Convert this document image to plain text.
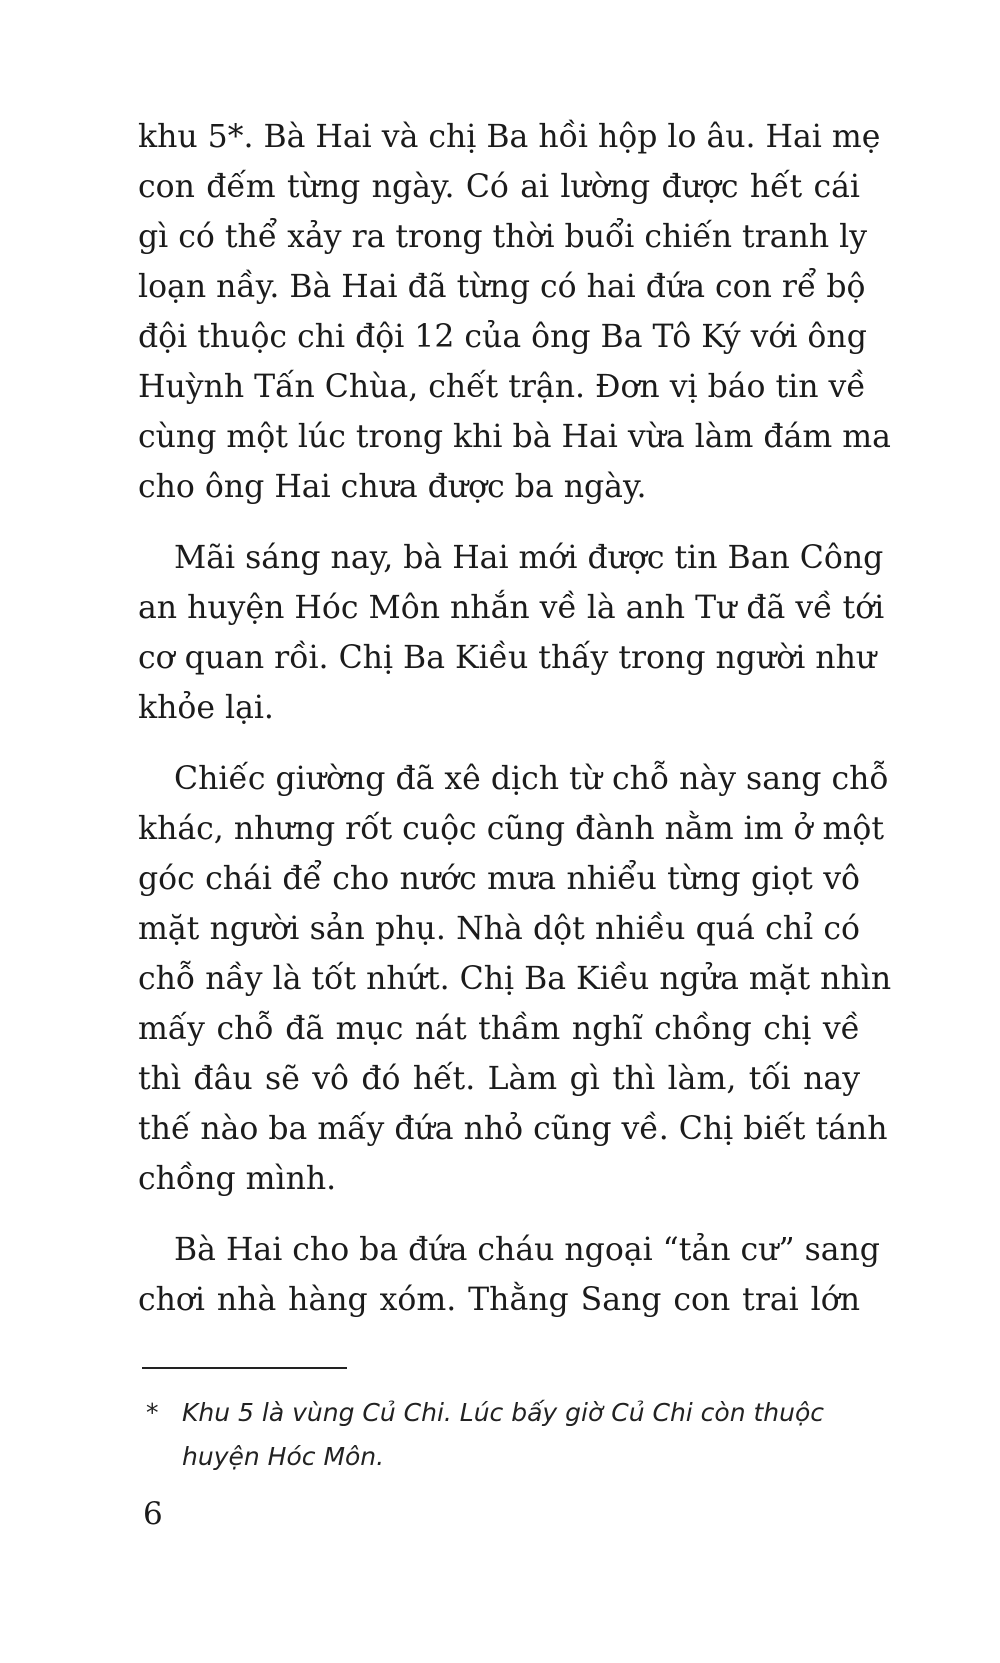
khu 5*. Bà Hai và chị Ba hồi hộp lo âu. Hai mẹ
con đếm từng ngày. Có ai lường được hết cái
gì có thể xảy ra trong thời buổi chiến tranh ly
loạn nầy. Bà Hai đã từng có hai đứa con rể bộ
đội thuộc chi đội 12 của ông Ba Tô Ký với ông
Huỳnh Tấn Chùa, chết trận. Đơn vị báo tin về
cùng một lúc trong khi bà Hai vừa làm đám ma
cho ông Hai chưa được ba ngày.

Mãi sáng nay, bà Hai mới được tin Ban Công
an huyện Hóc Môn nhắn về là anh Tư đã về tới
cơ quan rồi. Chị Ba Kiều thấy trong người như
khỏe lại.

Chiếc giường đã xê dịch từ chỗ này sang chỗ
khác, nhưng rốt cuộc cũng đành nằm im ở một
góc chái để cho nước mưa nhiểu từng giọt vô
mặt người sản phụ. Nhà dột nhiều quá chỉ có
chỗ nầy là tốt nhứt. Chị Ba Kiều ngửa mặt nhìn
mấy chỗ đã mục nát thầm nghĩ chồng chị về
thì đâu sẽ vô đó hết. Làm gì thì làm, tối nay
thế nào ba mấy đứa nhỏ cũng về. Chị biết tánh
chồng mình.

Bà Hai cho ba đứa cháu ngoại “tản cư” sang
chơi nhà hàng xóm. Thằng Sang con trai lớn

* Khu 5 là vùng Củ Chi. Lúc bấy giờ Củ Chi còn thuộc
huyện Hóc Môn.
6
